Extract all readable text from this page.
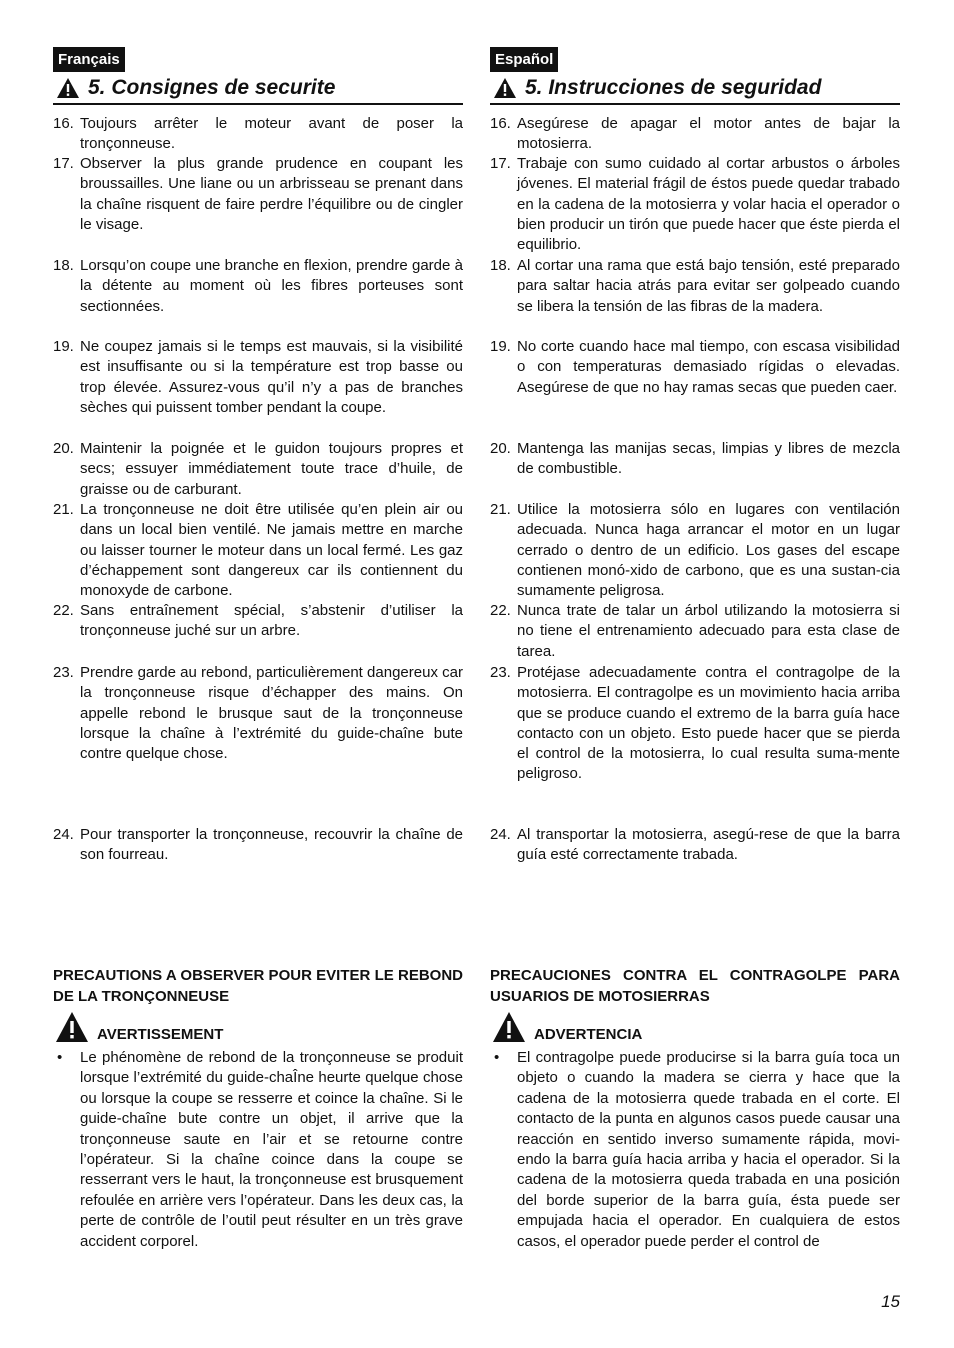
Français
5. Consignes de securite
16. Toujours arrêter le moteur avant de poser la tronçonneuse.
17. Observer la plus grande prudence en coupant les broussailles. Une liane ou un arbrisseau se prenant dans la chaîne risquent de faire perdre l’équilibre ou de cingler le visage.
18. Lorsqu’on coupe une branche en flexion, prendre garde à la détente au moment où les fibres porteuses sont sectionnées.
19. Ne coupez jamais si le temps est mauvais, si la visibilité est insuffisante ou si la température est trop basse ou trop élevée. Assurez-vous qu’il n’y a pas de branches sèches qui puissent tomber pendant la coupe.
20. Maintenir la poignée et le guidon toujours propres et secs; essuyer immédiatement toute trace d’huile, de graisse ou de carburant.
21. La tronçonneuse ne doit être utilisée qu’en plein air ou dans un local bien ventilé. Ne jamais mettre en marche ou laisser tourner le moteur dans un local fermé. Les gaz d’échappement sont dangereux car ils contiennent du monoxyde de carbone.
22. Sans entraînement spécial, s’abstenir d’utiliser la tronçonneuse juché sur un arbre.
23. Prendre garde au rebond, particulièrement dangereux car la tronçonneuse risque d’échapper des mains. On appelle rebond le brusque saut de la tronçonneuse lorsque la chaîne à l’extrémité du guide-chaîne bute contre quelque chose.
24. Pour transporter la tronçonneuse, recouvrir la chaîne de son fourreau.
PRECAUTIONS A OBSERVER POUR EVITER LE REBOND DE LA TRONÇONNEUSE
AVERTISSEMENT
• Le phénomène de rebond de la tronçonneuse se produit lorsque l’extrémité du guide-chaÎne heurte quelque chose ou lorsque la coupe se resserre et coince la chaîne. Si le guide-chaîne bute contre un objet, il arrive que la tronçonneuse saute en l’air et se retourne contre l’opérateur. Si la chaîne coince dans la coupe se resserrant vers le haut, la tronçonneuse est brusquement refoulée en arrière vers l’opérateur. Dans les deux cas, la perte de contrôle de l’outil peut résulter en un très grave accident corporel.
Español
5. Instrucciones de seguridad
16. Asegúrese de apagar el motor antes de bajar la motosierra.
17. Trabaje con sumo cuidado al cortar arbustos o árboles jóvenes. El material frágil de éstos puede quedar trabado en la cadena de la motosierra y volar hacia el operador o bien producir un tirón que puede hacer que éste pierda el equilibrio.
18. Al cortar una rama que está bajo tensión, esté preparado para saltar hacia atrás para evitar ser golpeado cuando se libera la tensión de las fibras de la madera.
19. No corte cuando hace mal tiempo, con escasa visibilidad o con temperaturas demasiado rígidas o elevadas. Asegúrese de que no hay ramas secas que pueden caer.
20. Mantenga las manijas secas, limpias y libres de mezcla de combustible.
21. Utilice la motosierra sólo en lugares con ventilación adecuada. Nunca haga arrancar el motor en un lugar cerrado o dentro de un edificio. Los gases del escape contienen monó-xido de carbono, que es una sustan-cia sumamente peligrosa.
22. Nunca trate de talar un árbol utilizando la motosierra si no tiene el entrenamiento adecuado para esta clase de tarea.
23. Protéjase adecuadamente contra el contragolpe de la motosierra. El contragolpe es un movimiento hacia arriba que se produce cuando el extremo de la barra guía hace contacto con un objeto. Esto puede hacer que se pierda el control de la motosierra, lo cual resulta suma-mente peligroso.
24. Al transportar la motosierra, asegú-rese de que la barra guía esté correctamente trabada.
PRECAUCIONES CONTRA EL CONTRAGOLPE PARA USUARIOS DE MOTOSIERRAS
ADVERTENCIA
• El contragolpe puede producirse si la barra guía toca un objeto o cuando la madera se cierra y hace que la cadena de la motosierra quede trabada en el corte. El contacto de la punta en algunos casos puede causar una reacción en sentido inverso sumamente rápida, movi-endo la barra guía hacia arriba y hacia el operador. Si la cadena de la motosierra queda trabada en una posición del borde superior de la barra guía, ésta puede ser empujada hacia el operador. En cualquiera de estos casos, el operador puede perder el control de
15
